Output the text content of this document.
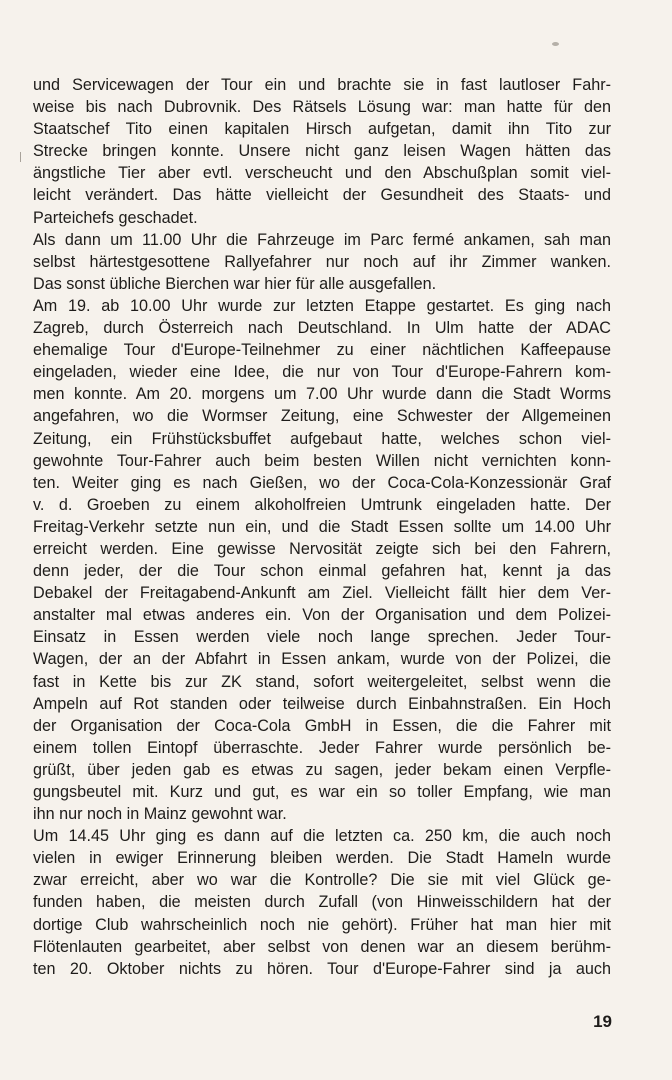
und Servicewagen der Tour ein und brachte sie in fast lautloser Fahr-
weise bis nach Dubrovnik. Des Rätsels Lösung war: man hatte für den
Staatschef Tito einen kapitalen Hirsch aufgetan, damit ihn Tito zur
Strecke bringen konnte. Unsere nicht ganz leisen Wagen hätten das
ängstliche Tier aber evtl. verscheucht und den Abschußplan somit viel-
leicht verändert. Das hätte vielleicht der Gesundheit des Staats- und
Parteichefs geschadet.
Als dann um 11.00 Uhr die Fahrzeuge im Parc fermé ankamen, sah man
selbst härtestgesottene Rallyefahrer nur noch auf ihr Zimmer wanken.
Das sonst übliche Bierchen war hier für alle ausgefallen.
Am 19. ab 10.00 Uhr wurde zur letzten Etappe gestartet. Es ging nach
Zagreb, durch Österreich nach Deutschland. In Ulm hatte der ADAC
ehemalige Tour d'Europe-Teilnehmer zu einer nächtlichen Kaffeepause
eingeladen, wieder eine Idee, die nur von Tour d'Europe-Fahrern kom-
men konnte. Am 20. morgens um 7.00 Uhr wurde dann die Stadt Worms
angefahren, wo die Wormser Zeitung, eine Schwester der Allgemeinen
Zeitung, ein Frühstücksbuffet aufgebaut hatte, welches schon viel-
gewohnte Tour-Fahrer auch beim besten Willen nicht vernichten konn-
ten. Weiter ging es nach Gießen, wo der Coca-Cola-Konzessionär Graf
v. d. Groeben zu einem alkoholfreien Umtrunk eingeladen hatte. Der
Freitag-Verkehr setzte nun ein, und die Stadt Essen sollte um 14.00 Uhr
erreicht werden. Eine gewisse Nervosität zeigte sich bei den Fahrern,
denn jeder, der die Tour schon einmal gefahren hat, kennt ja das
Debakel der Freitagabend-Ankunft am Ziel. Vielleicht fällt hier dem Ver-
anstalter mal etwas anderes ein. Von der Organisation und dem Polizei-
Einsatz in Essen werden viele noch lange sprechen. Jeder Tour-
Wagen, der an der Abfahrt in Essen ankam, wurde von der Polizei, die
fast in Kette bis zur ZK stand, sofort weitergeleitet, selbst wenn die
Ampeln auf Rot standen oder teilweise durch Einbahnstraßen. Ein Hoch
der Organisation der Coca-Cola GmbH in Essen, die die Fahrer mit
einem tollen Eintopf überraschte. Jeder Fahrer wurde persönlich be-
grüßt, über jeden gab es etwas zu sagen, jeder bekam einen Verpfle-
gungsbeutel mit. Kurz und gut, es war ein so toller Empfang, wie man
ihn nur noch in Mainz gewohnt war.
Um 14.45 Uhr ging es dann auf die letzten ca. 250 km, die auch noch
vielen in ewiger Erinnerung bleiben werden. Die Stadt Hameln wurde
zwar erreicht, aber wo war die Kontrolle? Die sie mit viel Glück ge-
funden haben, die meisten durch Zufall (von Hinweisschildern hat der
dortige Club wahrscheinlich noch nie gehört). Früher hat man hier mit
Flötenlauten gearbeitet, aber selbst von denen war an diesem berühm-
ten 20. Oktober nichts zu hören. Tour d'Europe-Fahrer sind ja auch
19
